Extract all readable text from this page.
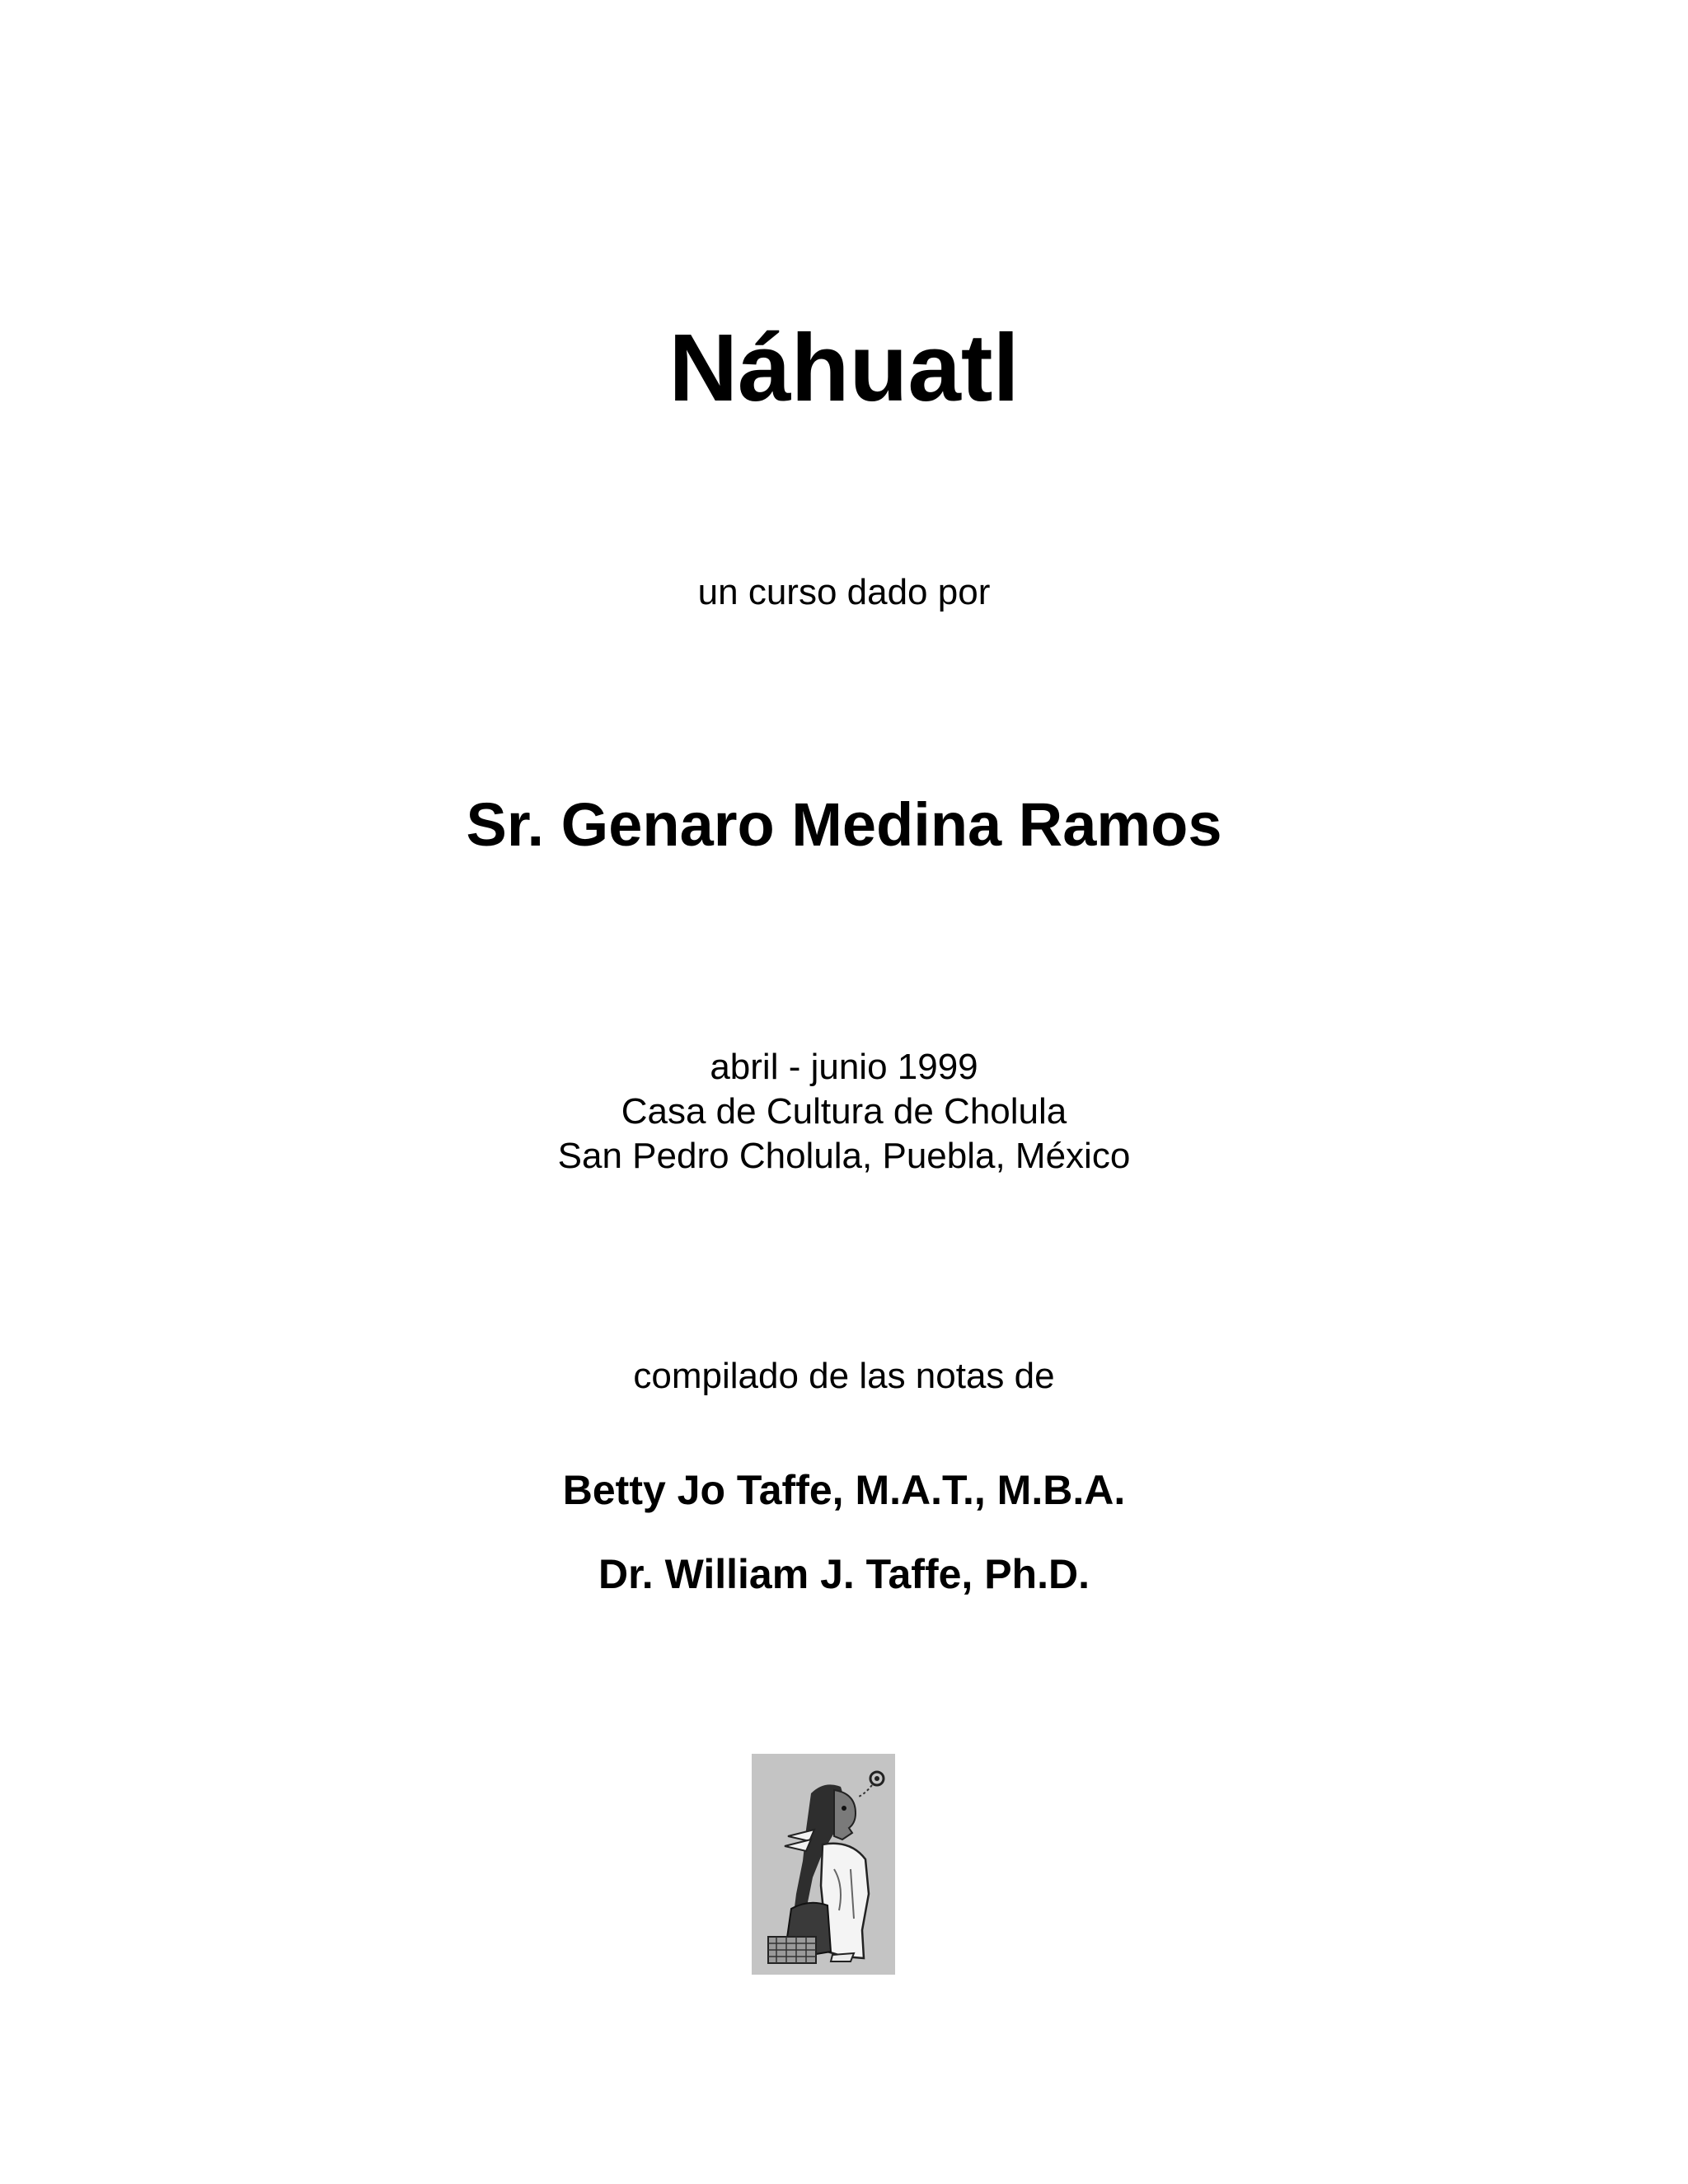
Náhuatl
un curso dado por
Sr. Genaro Medina Ramos
abril - junio 1999
Casa de Cultura de Cholula
San Pedro Cholula, Puebla, México
compilado de las notas de
Betty Jo Taffe, M.A.T., M.B.A.
Dr. William J. Taffe, Ph.D.
